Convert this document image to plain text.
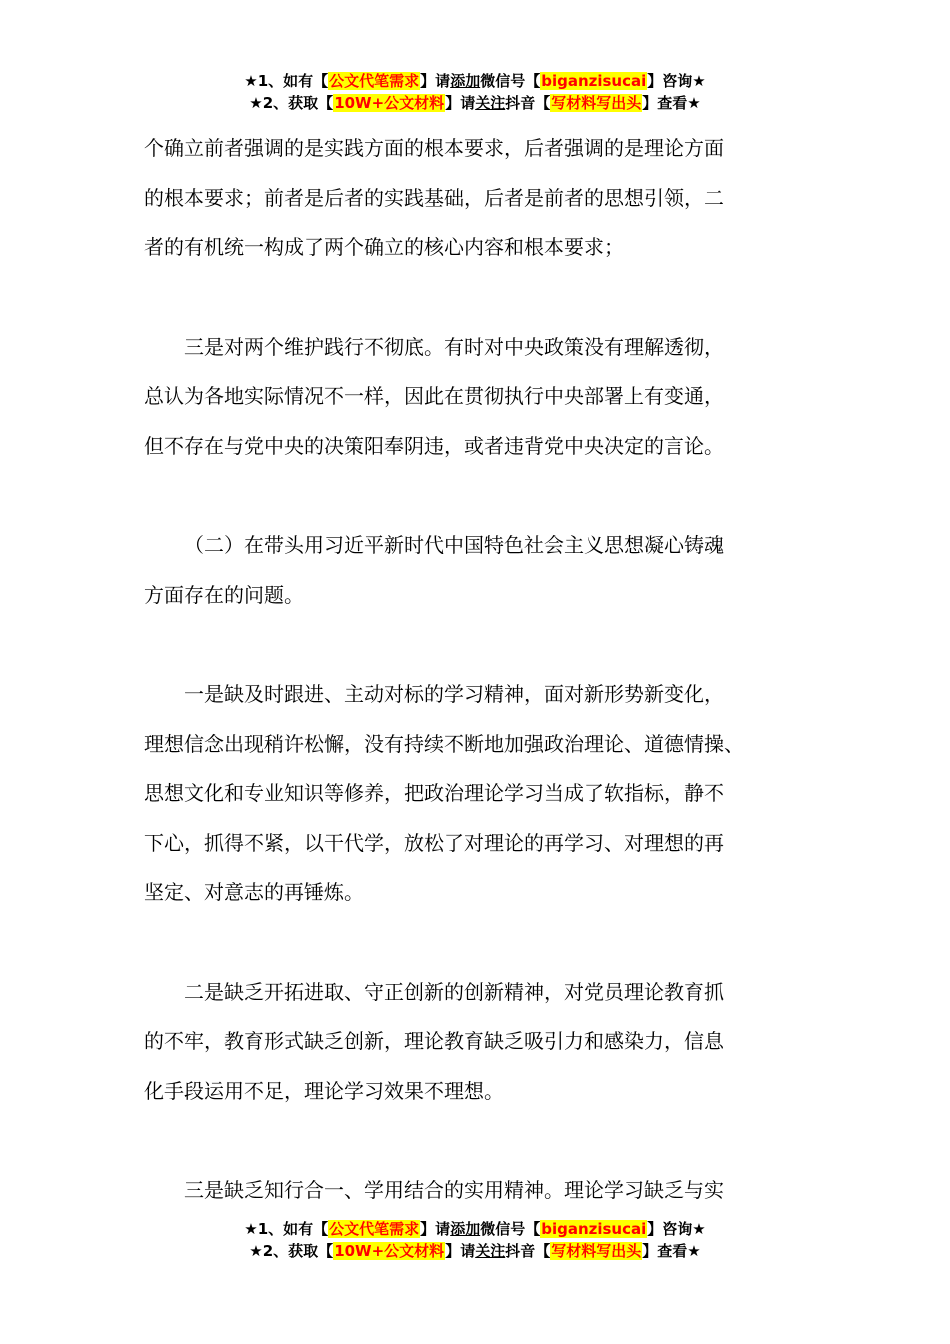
★1、如有【公文代笔需求】请添加微信号【biganzisucai】咨询★
★2、获取【10W+公文材料】请关注抖音【写材料写出头】查看★
个确立前者强调的是实践方面的根本要求，后者强调的是理论方面
的根本要求；前者是后者的实践基础，后者是前者的思想引领，二
者的有机统一构成了两个确立的核心内容和根本要求；
三是对两个维护践行不彻底。有时对中央政策没有理解透彻，
总认为各地实际情况不一样，因此在贯彻执行中央部署上有变通，
但不存在与党中央的决策阳奉阴违，或者违背党中央决定的言论。
（二）在带头用习近平新时代中国特色社会主义思想凝心铸魂
方面存在的问题。
一是缺及时跟进、主动对标的学习精神，面对新形势新变化，
理想信念出现稍许松懈，没有持续不断地加强政治理论、道德情操、
思想文化和专业知识等修养，把政治理论学习当成了软指标，静不
下心，抓得不紧，以干代学，放松了对理论的再学习、对理想的再
坚定、对意志的再锤炼。
二是缺乏开拓进取、守正创新的创新精神，对党员理论教育抓
的不牢，教育形式缺乏创新，理论教育缺乏吸引力和感染力，信息
化手段运用不足，理论学习效果不理想。
三是缺乏知行合一、学用结合的实用精神。理论学习缺乏与实
★1、如有【公文代笔需求】请添加微信号【biganzisucai】咨询★
★2、获取【10W+公文材料】请关注抖音【写材料写出头】查看★
